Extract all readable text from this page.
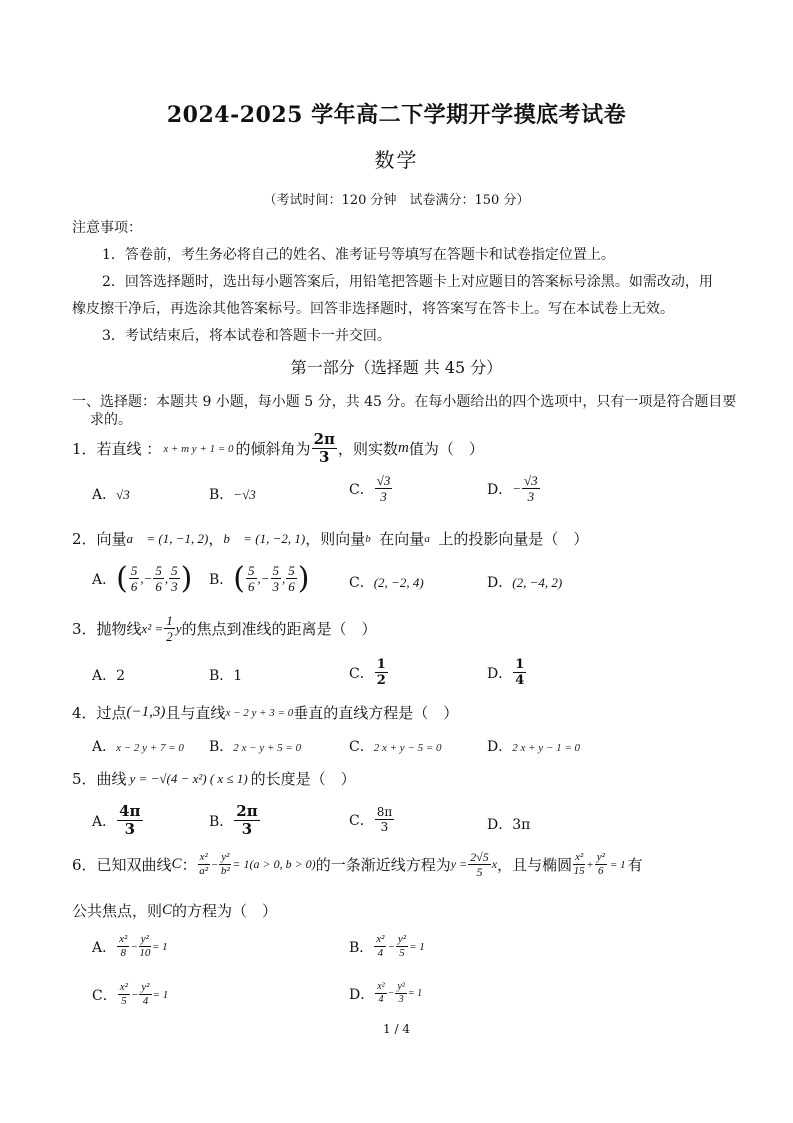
2024-2025 学年高二下学期开学摸底考试卷
数学
（考试时间：120 分钟　试卷满分：150 分）
注意事项：
1．答卷前，考生务必将自己的姓名、准考证号等填写在答题卡和试卷指定位置上。
2．回答选择题时，选出每小题答案后，用铅笔把答题卡上对应题目的答案标号涂黑。如需改动，用
橡皮擦干净后，再选涂其他答案标号。回答非选择题时，将答案写在答卡上。写在本试卷上无效。
3．考试结束后，将本试卷和答题卡一并交回。
第一部分（选择题 共 45 分）
一、选择题：本题共 9 小题，每小题 5 分，共 45 分。在每小题给出的四个选项中，只有一项是符合题目要
求的。
1．若直线 ： x + m y + 1 = 0 的倾斜角为 $\frac{2\pi}{3}$ ，则实数 m 值为（　）
A．√3	B．−√3	C． $\frac{√3}{3}$	D． − $\frac{√3}{3}$
2．向量 a⃗ = (1, −1, 2) ， b⃗ = (1, −2, 1) ，则向量 b⃗ 在向量 a⃗ 上的投影向量是（　）
A． ( $\frac{5}{6}$ ,− $\frac{5}{6}$ , $\frac{5}{3}$ ) B． ( $\frac{5}{6}$ ,− $\frac{5}{3}$ , $\frac{5}{6}$ )	C．(2, −2, 4)	D．(2, −4, 2)
3．抛物线 $x^2 = \frac{1}{2}$ y 的焦点到准线的距离是（　）
A．2	B．1	C． $\frac{1}{2}$	D． $\frac{1}{4}$
4．过点 (−1,3) 且与直线 x − 2 y + 3 = 0 垂直的直线方程是（　）
A．x − 2 y + 7 = 0 B．2 x − y + 5 = 0	C．2 x + y − 5 = 0	D．2 x + y − 1 = 0
5．曲线 y = −√(4 − x²) ( x ≤ 1) 的长度是（　）
A． $\frac{4\pi}{3}$	B． $\frac{2\pi}{3}$	C． $\frac{8\pi}{3}$	D．3π
6．已知双曲线 C ： $\frac{\text{x²}}{\text{a²}} - \frac{\text{y²}}{\text{b²}} = 1(a > 0$, b > 0) 的一条渐近线方程为 $y = \frac{2√5}{5}$ x ，且与椭圆 $\frac{\text{x²}}{15} + \frac{\text{y²}}{6} = 1$ 有
公共焦点，则 C 的方程为（　）
A． $\frac{\text{x²}}{8} - \frac{\text{y²}}{10} = 1$	B． $\frac{\text{x²}}{4} - \frac{\text{y²}}{5} = 1$
C． $\frac{\text{x²}}{5} - \frac{\text{y²}}{4} = 1$	D． $\frac{\text{x²}}{4} - \frac{\text{y²}}{3} = 1$
1 / 4
